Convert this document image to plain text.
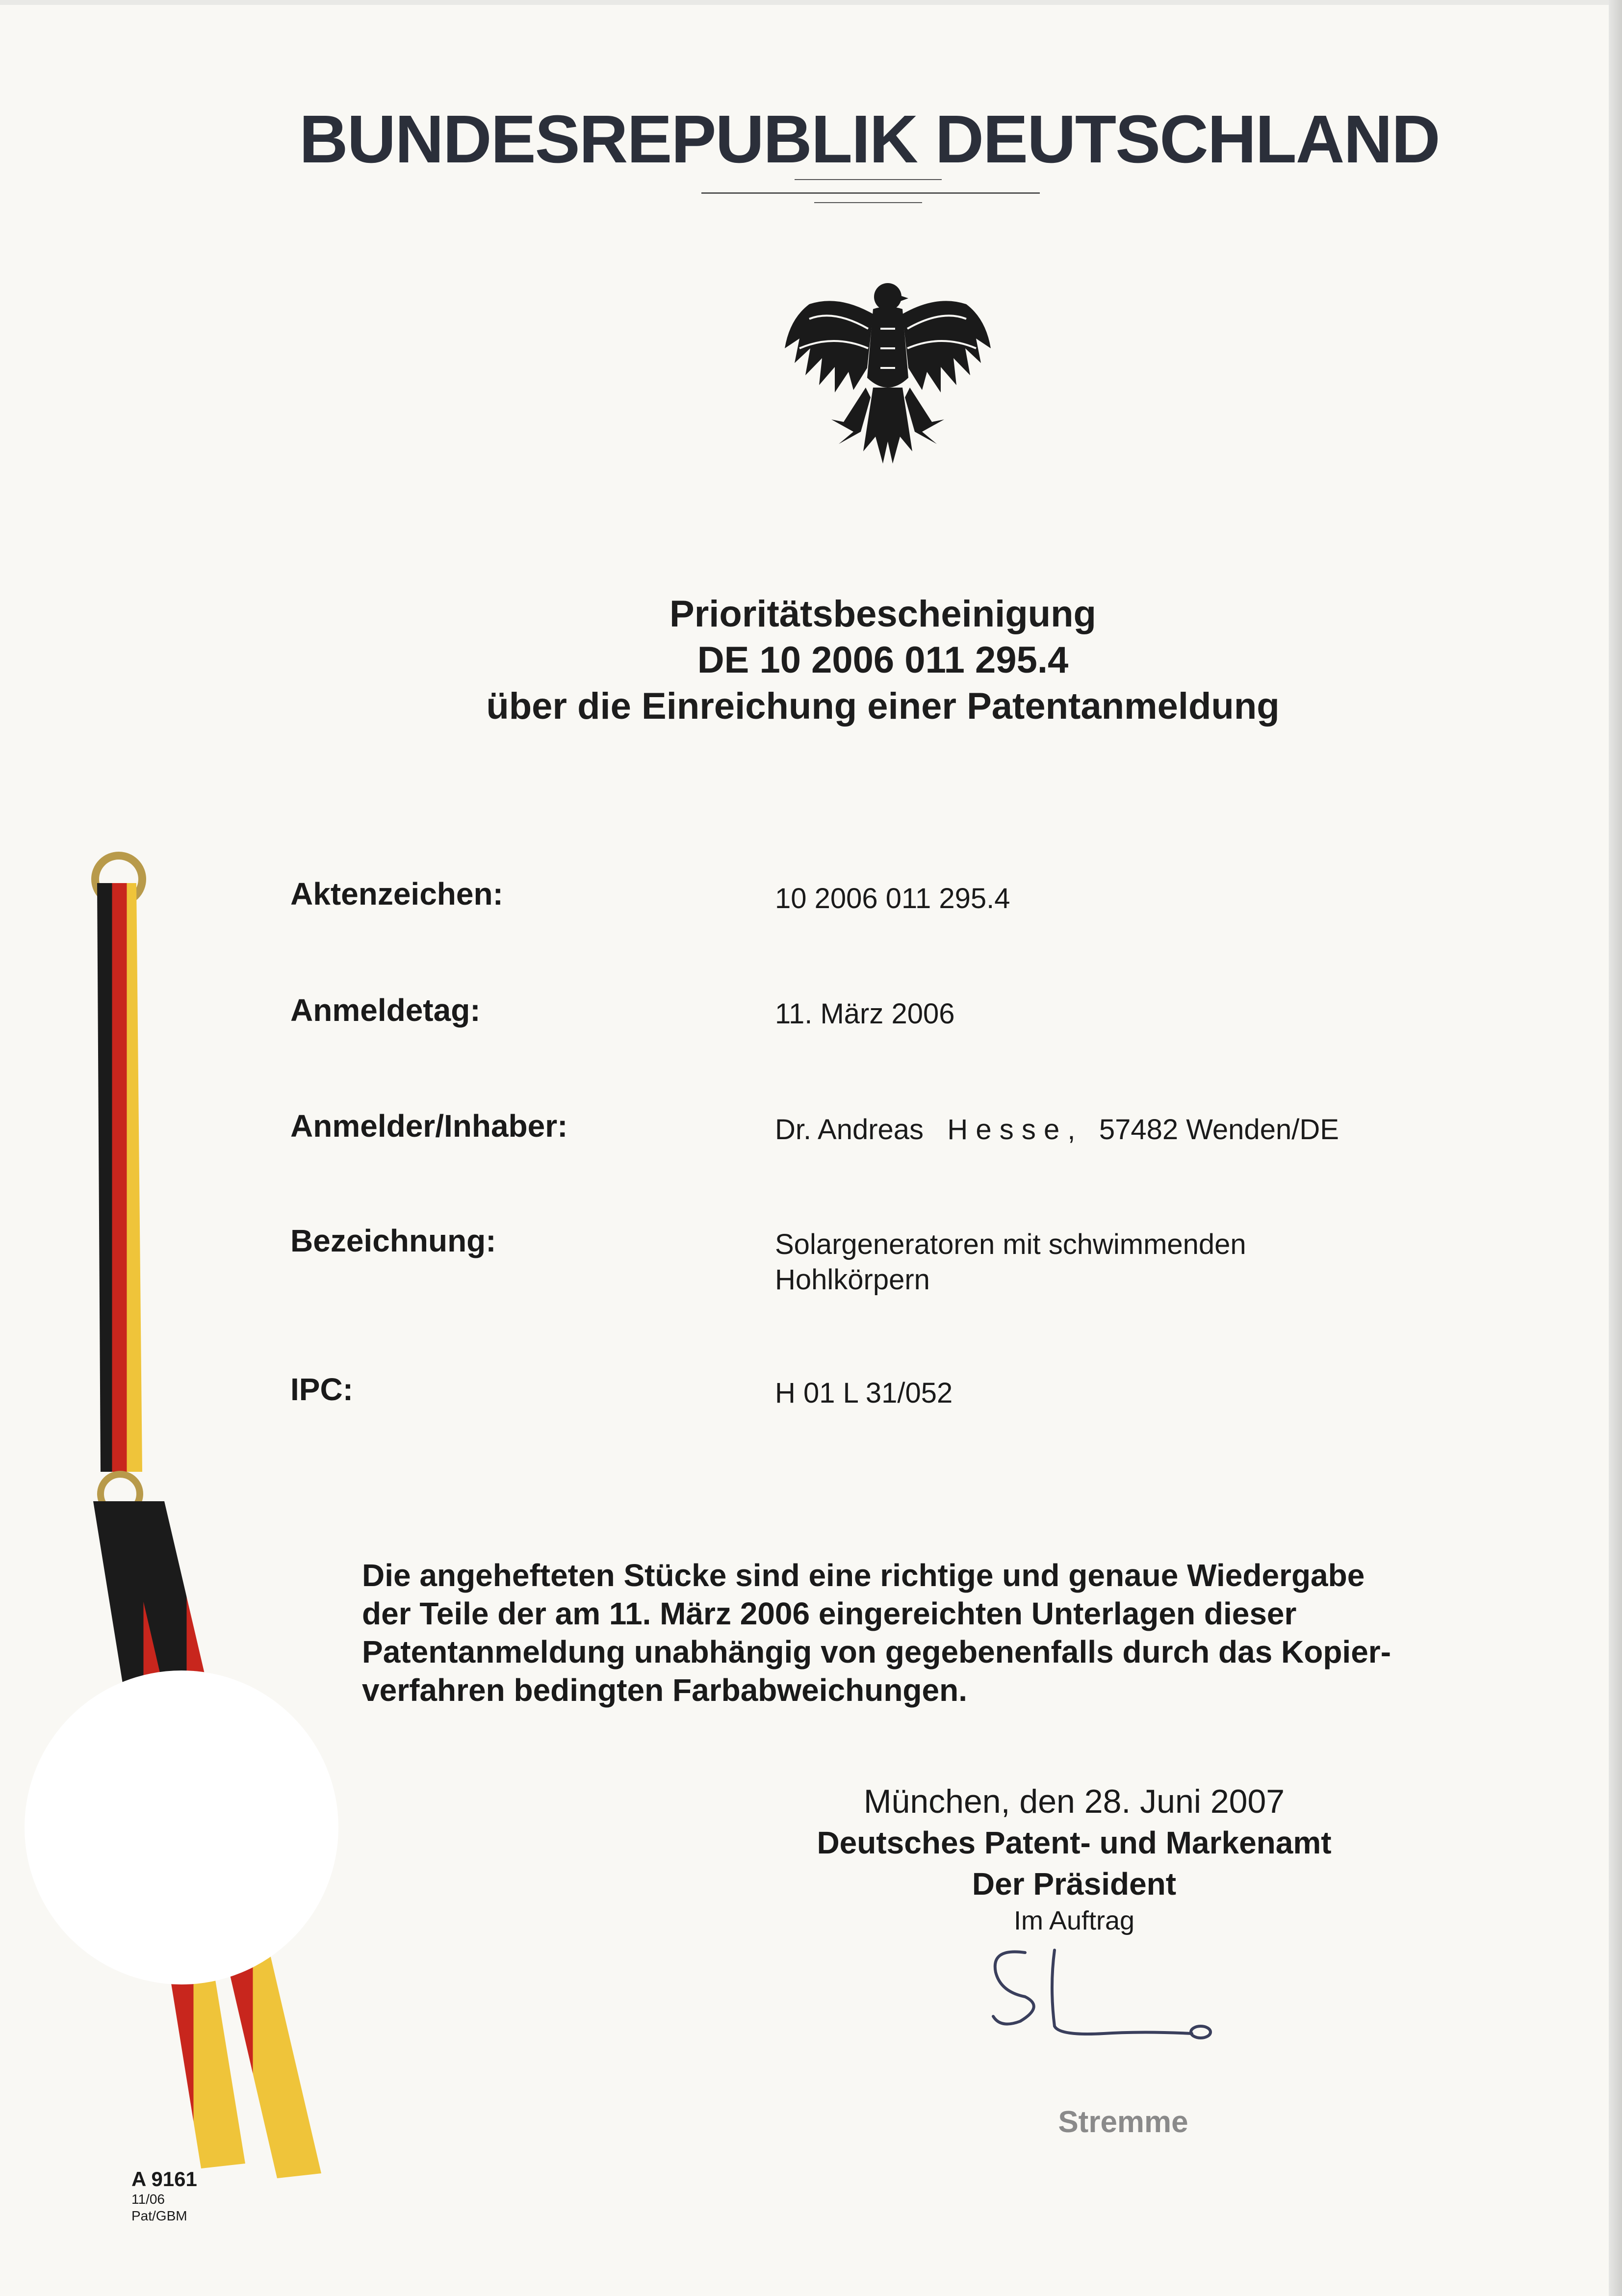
BUNDESREPUBLIK DEUTSCHLAND
Prioritätsbescheinigung
DE 10 2006 011 295.4
über die Einreichung einer Patentanmeldung
Aktenzeichen:	10 2006 011 295.4
Anmeldetag:	11. März 2006
Anmelder/Inhaber:	Dr. Andreas   H e s s e ,   57482 Wenden/DE
Bezeichnung:	Solargeneratoren mit schwimmenden
Hohlkörpern
IPC:	H 01 L 31/052
Die angehefteten Stücke sind eine richtige und genaue Wiedergabe
der Teile der am 11. März 2006 eingereichten Unterlagen dieser
Patentanmeldung unabhängig von gegebenenfalls durch das Kopier-
verfahren bedingten Farbabweichungen.
München, den 28. Juni 2007
Deutsches Patent- und Markenamt
Der Präsident
Im Auftrag
Stremme
A 9161
11/06
Pat/GBM
